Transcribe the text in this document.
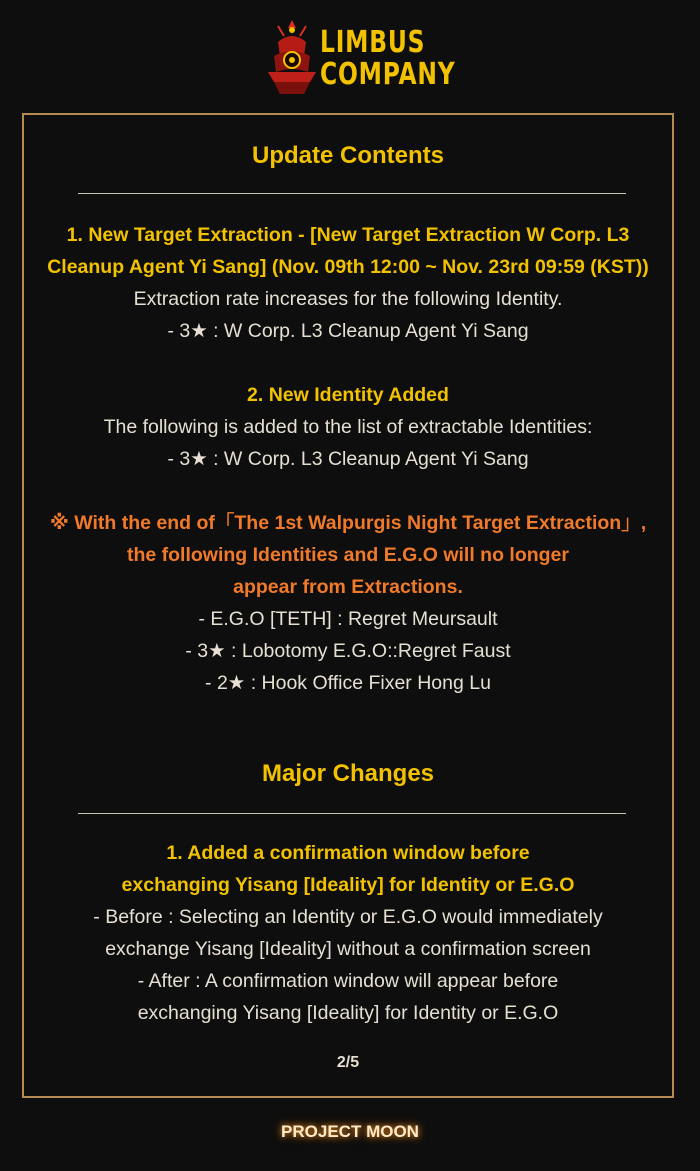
LIMBUS
COMPANY
Update Contents
1. New Target Extraction - [New Target Extraction W Corp. L3
Cleanup Agent Yi Sang] (Nov. 09th 12:00 ~ Nov. 23rd 09:59 (KST))
Extraction rate increases for the following Identity.
- 3★ : W Corp. L3 Cleanup Agent Yi Sang
2. New Identity Added
The following is added to the list of extractable Identities:
- 3★ : W Corp. L3 Cleanup Agent Yi Sang
※ With the end of「The 1st Walpurgis Night Target Extraction」,
the following Identities and E.G.O will no longer
appear from Extractions.
- E.G.O [TETH] : Regret Meursault
- 3★ : Lobotomy E.G.O::Regret Faust
- 2★ : Hook Office Fixer Hong Lu
Major Changes
1. Added a confirmation window before
exchanging Yisang [Ideality] for Identity or E.G.O
- Before : Selecting an Identity or E.G.O would immediately
exchange Yisang [Ideality] without a confirmation screen
- After : A confirmation window will appear before
exchanging Yisang [Ideality] for Identity or E.G.O
2/5
PROJECT MOON
